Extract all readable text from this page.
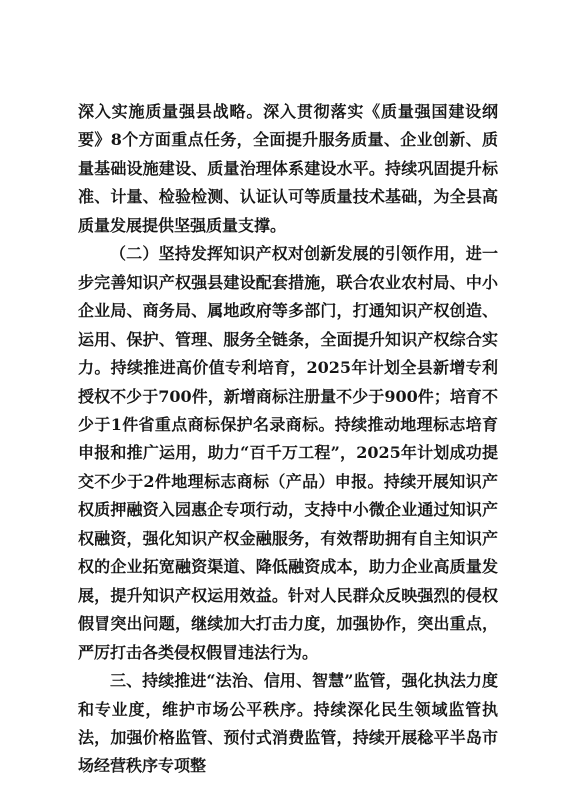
深入实施质量强县战略。深入贯彻落实《质量强国建设纲要》8个方面重点任务，全面提升服务质量、企业创新、质量基础设施建设、质量治理体系建设水平。持续巩固提升标准、计量、检验检测、认证认可等质量技术基础，为全县高质量发展提供坚强质量支撑。

（二）坚持发挥知识产权对创新发展的引领作用，进一步完善知识产权强县建设配套措施，联合农业农村局、中小企业局、商务局、属地政府等多部门，打通知识产权创造、运用、保护、管理、服务全链条，全面提升知识产权综合实力。持续推进高价值专利培育，2025年计划全县新增专利授权不少于700件，新增商标注册量不少于900件；培育不少于1件省重点商标保护名录商标。持续推动地理标志培育申报和推广运用，助力“百千万工程”，2025年计划成功提交不少于2件地理标志商标（产品）申报。持续开展知识产权质押融资入园惠企专项行动，支持中小微企业通过知识产权融资，强化知识产权金融服务，有效帮助拥有自主知识产权的企业拓宽融资渠道、降低融资成本，助力企业高质量发展，提升知识产权运用效益。针对人民群众反映强烈的侵权假冒突出问题，继续加大打击力度，加强协作，突出重点，严厉打击各类侵权假冒违法行为。

三、持续推进“法治、信用、智慧”监管，强化执法力度和专业度，维护市场公平秩序。持续深化民生领域监管执法，加强价格监管、预付式消费监管，持续开展稔平半岛市场经营秩序专项整
